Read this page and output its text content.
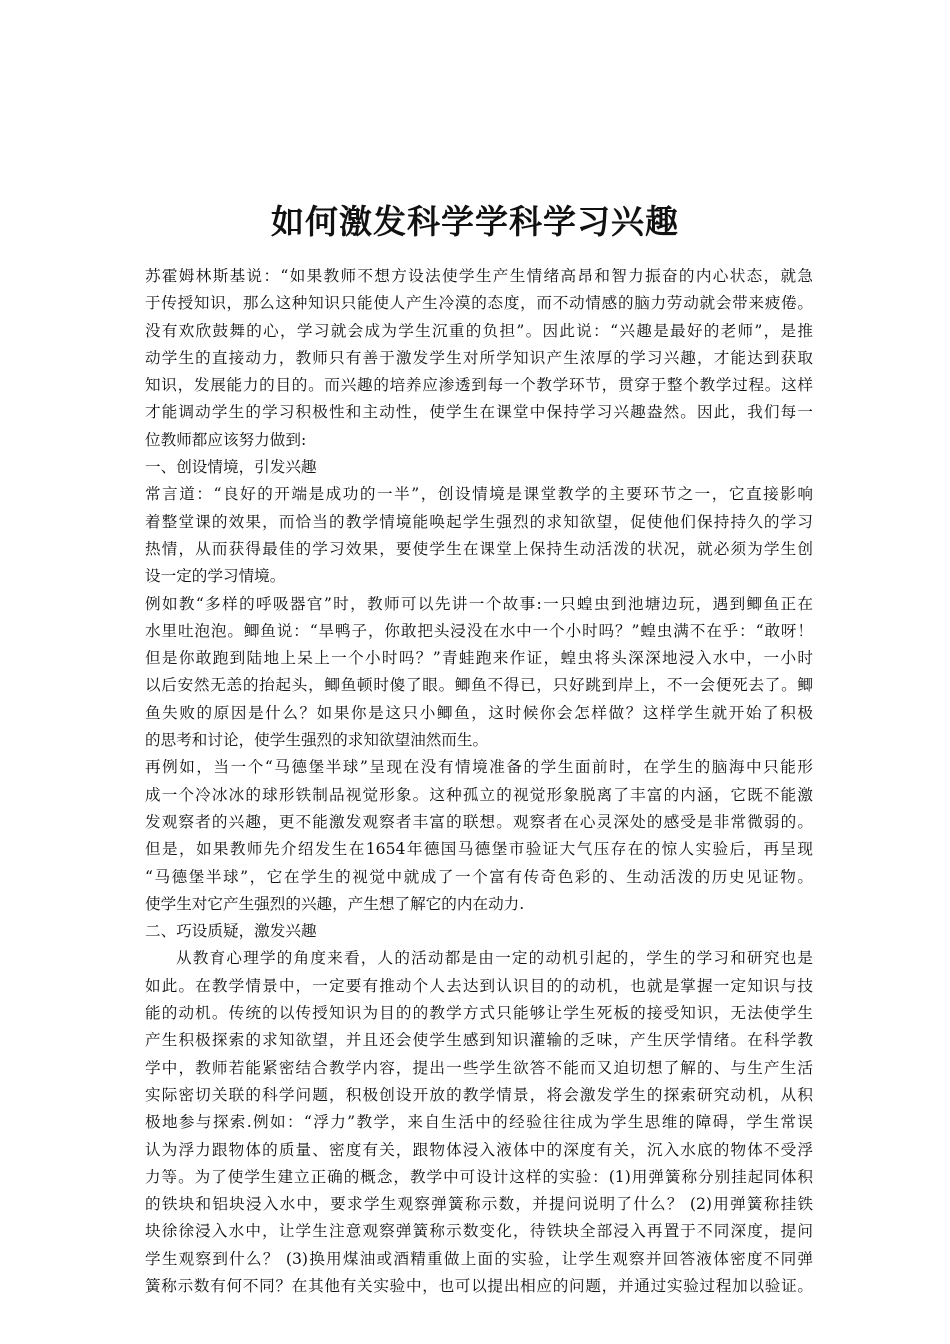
如何激发科学学科学习兴趣
苏霍姆林斯基说：“如果教师不想方设法使学生产生情绪高昂和智力振奋的内心状态，就急
于传授知识，那么这种知识只能使人产生冷漠的态度，而不动情感的脑力劳动就会带来疲倦。
没有欢欣鼓舞的心，学习就会成为学生沉重的负担”。因此说：“兴趣是最好的老师”，是推
动学生的直接动力，教师只有善于激发学生对所学知识产生浓厚的学习兴趣，才能达到获取
知识，发展能力的目的。而兴趣的培养应渗透到每一个教学环节，贯穿于整个教学过程。这样
才能调动学生的学习积极性和主动性，使学生在课堂中保持学习兴趣盎然。因此，我们每一
位教师都应该努力做到:
一、创设情境，引发兴趣
常言道：“良好的开端是成功的一半”，创设情境是课堂教学的主要环节之一，它直接影响
着整堂课的效果，而恰当的教学情境能唤起学生强烈的求知欲望，促使他们保持持久的学习
热情，从而获得最佳的学习效果，要使学生在课堂上保持生动活泼的状况，就必须为学生创
设一定的学习情境。
例如教“多样的呼吸器官”时，教师可以先讲一个故事:一只蝗虫到池塘边玩，遇到鲫鱼正在
水里吐泡泡。鲫鱼说：“旱鸭子，你敢把头浸没在水中一个小时吗？”蝗虫满不在乎：“敢呀！
但是你敢跑到陆地上呆上一个小时吗？”青蛙跑来作证，蝗虫将头深深地浸入水中，一小时
以后安然无恙的抬起头，鲫鱼顿时傻了眼。鲫鱼不得已，只好跳到岸上，不一会便死去了。鲫
鱼失败的原因是什么？如果你是这只小鲫鱼，这时候你会怎样做？这样学生就开始了积极
的思考和讨论，使学生强烈的求知欲望油然而生。
再例如，当一个“马德堡半球”呈现在没有情境准备的学生面前时，在学生的脑海中只能形
成一个冷冰冰的球形铁制品视觉形象。这种孤立的视觉形象脱离了丰富的内涵，它既不能激
发观察者的兴趣，更不能激发观察者丰富的联想。观察者在心灵深处的感受是非常微弱的。
但是，如果教师先介绍发生在1654年德国马德堡市验证大气压存在的惊人实验后，再呈现
“马德堡半球”，它在学生的视觉中就成了一个富有传奇色彩的、生动活泼的历史见证物。
使学生对它产生强烈的兴趣，产生想了解它的内在动力.
二、巧设质疑，激发兴趣
从教育心理学的角度来看，人的活动都是由一定的动机引起的，学生的学习和研究也是
如此。在教学情景中，一定要有推动个人去达到认识目的的动机，也就是掌握一定知识与技
能的动机。传统的以传授知识为目的的教学方式只能够让学生死板的接受知识，无法使学生
产生积极探索的求知欲望，并且还会使学生感到知识灌输的乏味，产生厌学情绪。在科学教
学中，教师若能紧密结合教学内容，提出一些学生欲答不能而又迫切想了解的、与生产生活
实际密切关联的科学问题，积极创设开放的教学情景，将会激发学生的探索研究动机，从积
极地参与探索.例如：“浮力”教学，来自生活中的经验往往成为学生思维的障碍，学生常误
认为浮力跟物体的质量、密度有关，跟物体浸入液体中的深度有关，沉入水底的物体不受浮
力等。为了使学生建立正确的概念，教学中可设计这样的实验：(1)用弹簧称分别挂起同体积
的铁块和铝块浸入水中，要求学生观察弹簧称示数，并提问说明了什么？ (2)用弹簧称挂铁
块徐徐浸入水中，让学生注意观察弹簧称示数变化，待铁块全部浸入再置于不同深度，提问
学生观察到什么？ (3)换用煤油或酒精重做上面的实验，让学生观察并回答液体密度不同弹
簧称示数有何不同？在其他有关实验中，也可以提出相应的问题，并通过实验过程加以验证。
